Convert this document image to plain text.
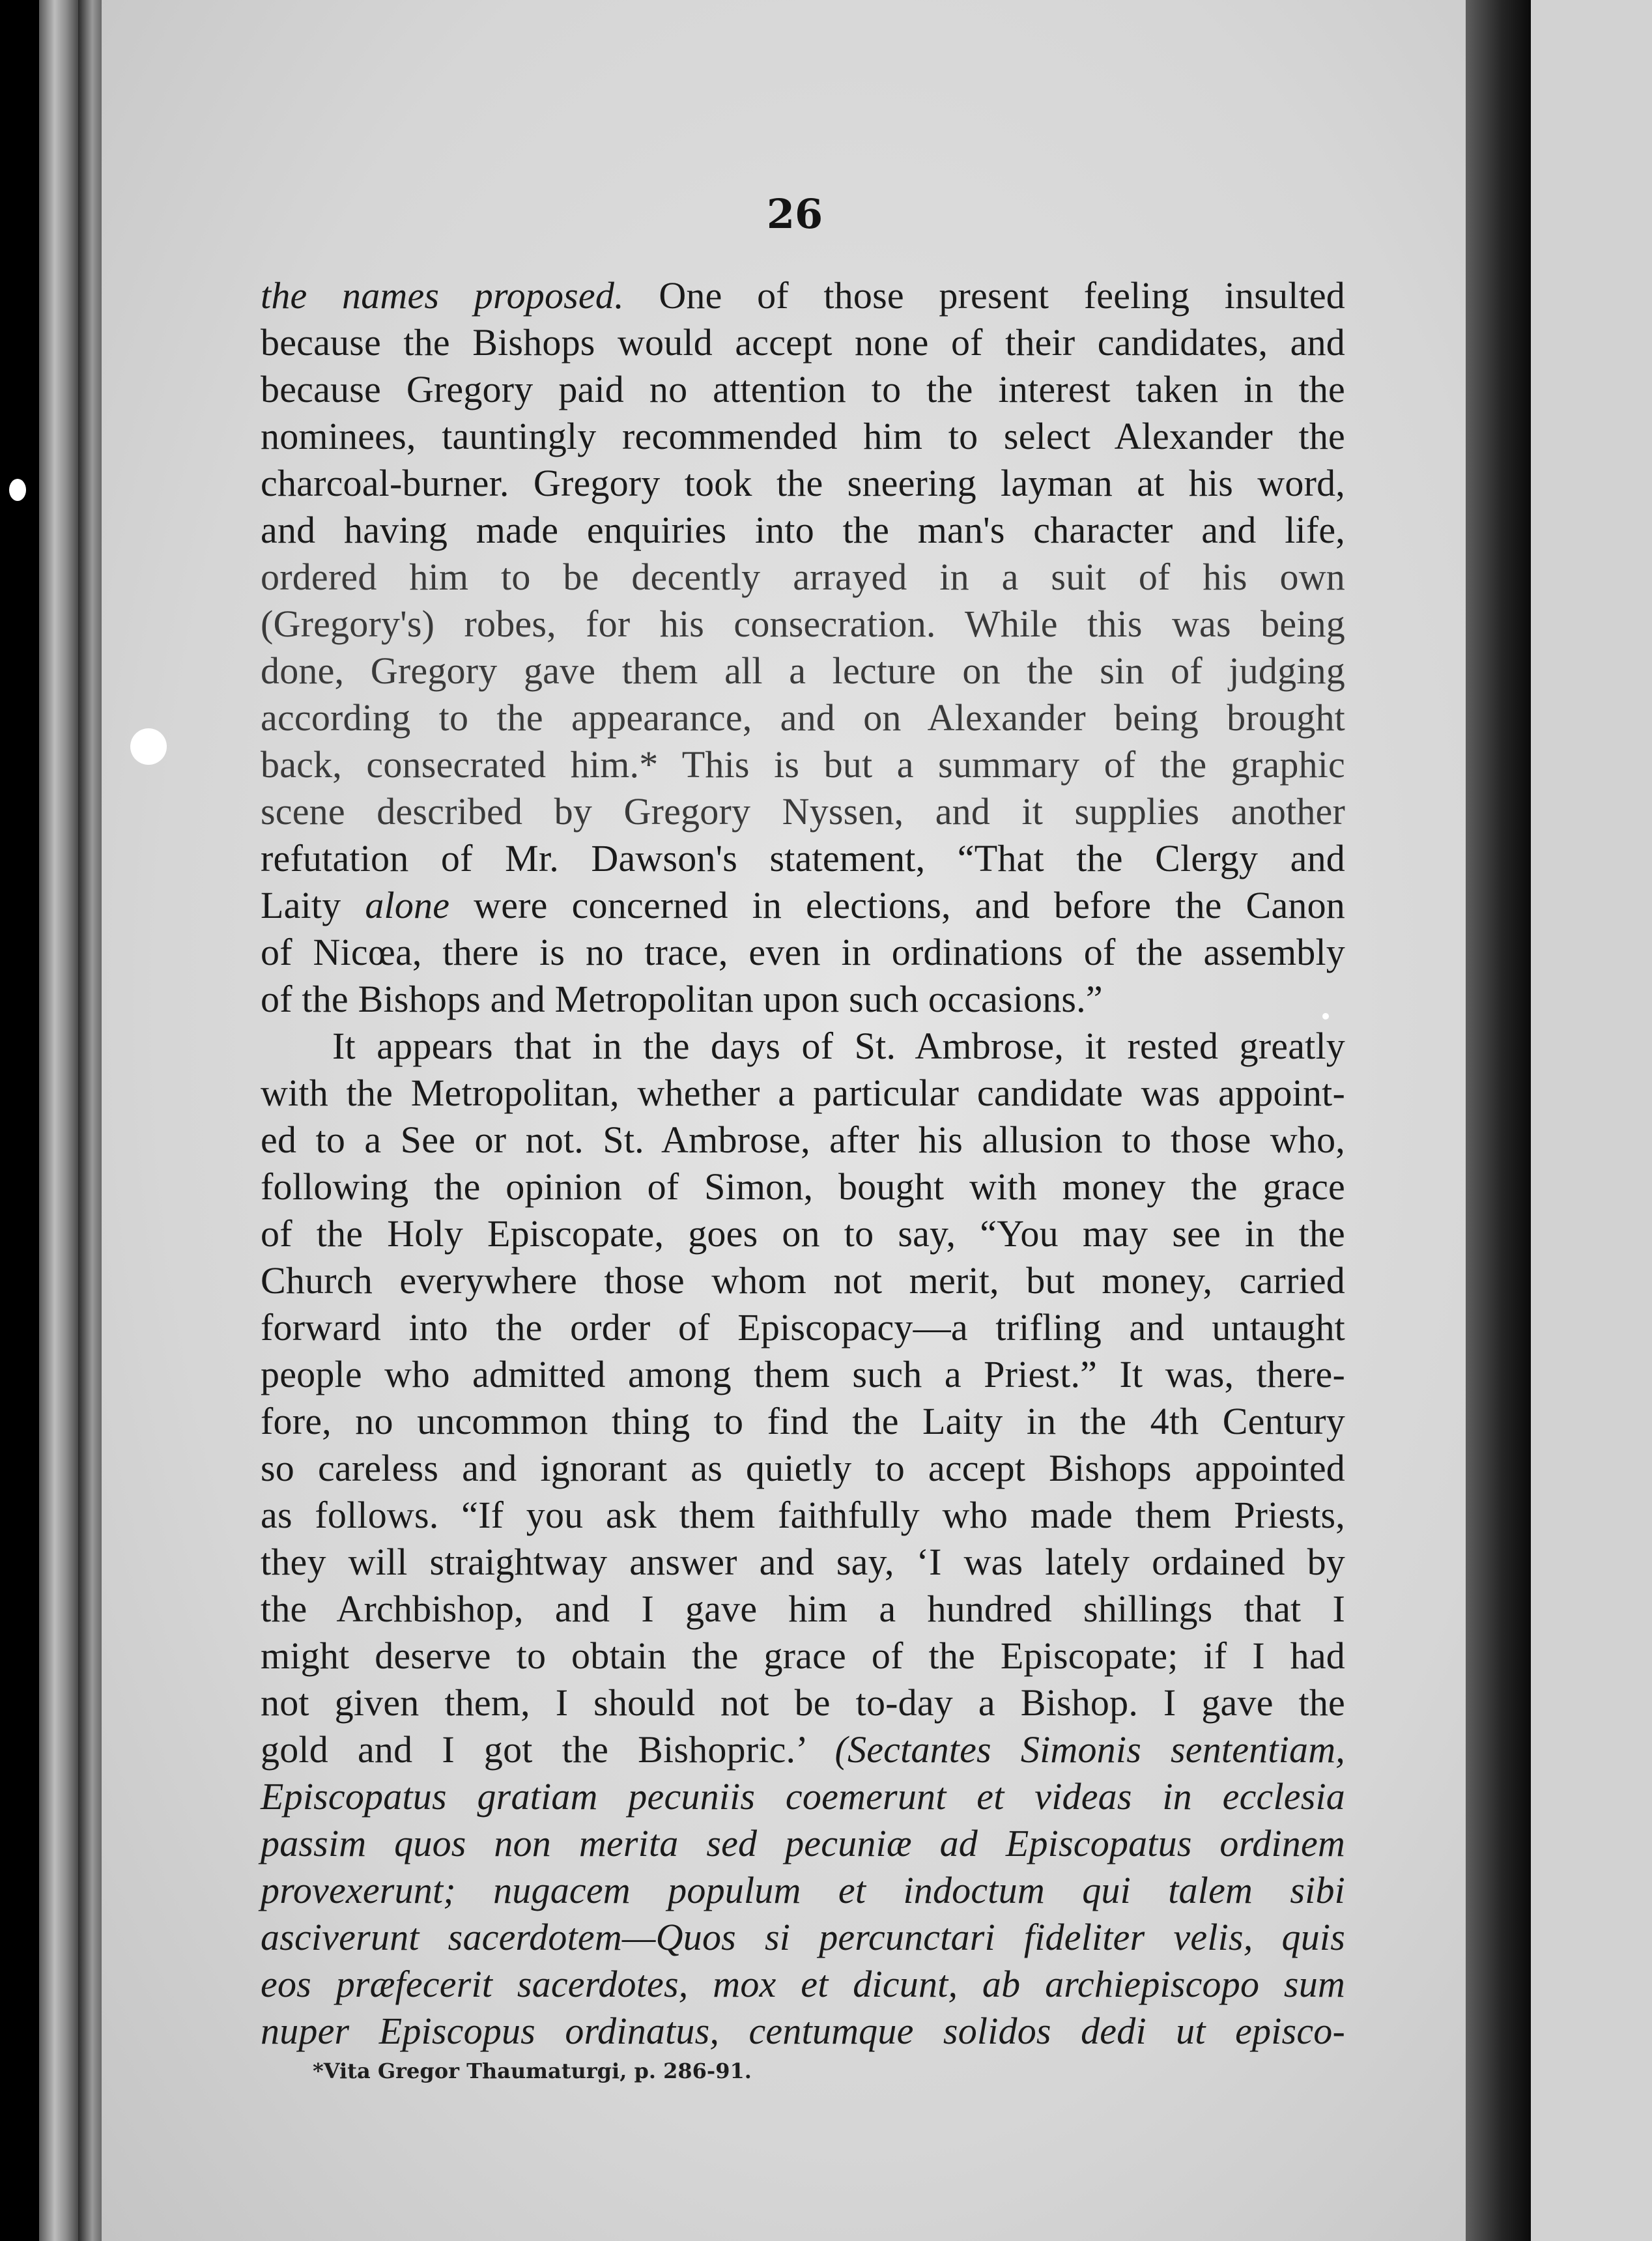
26
the names proposed. One of those present feeling insulted
because the Bishops would accept none of their candidates, and
because Gregory paid no attention to the interest taken in the
nominees, tauntingly recommended him to select Alexander the
charcoal-burner. Gregory took the sneering layman at his word,
and having made enquiries into the man's character and life,
ordered him to be decently arrayed in a suit of his own
(Gregory's) robes, for his consecration. While this was being
done, Gregory gave them all a lecture on the sin of judging
according to the appearance, and on Alexander being brought
back, consecrated him.* This is but a summary of the graphic
scene described by Gregory Nyssen, and it supplies another
refutation of Mr. Dawson's statement, “That the Clergy and
Laity alone were concerned in elections, and before the Canon
of Nicœa, there is no trace, even in ordinations of the assembly
of the Bishops and Metropolitan upon such occasions.”
It appears that in the days of St. Ambrose, it rested greatly
with the Metropolitan, whether a particular candidate was appoint-
ed to a See or not. St. Ambrose, after his allusion to those who,
following the opinion of Simon, bought with money the grace
of the Holy Episcopate, goes on to say, “You may see in the
Church everywhere those whom not merit, but money, carried
forward into the order of Episcopacy—a trifling and untaught
people who admitted among them such a Priest.” It was, there-
fore, no uncommon thing to find the Laity in the 4th Century
so careless and ignorant as quietly to accept Bishops appointed
as follows. “If you ask them faithfully who made them Priests,
they will straightway answer and say, ‘I was lately ordained by
the Archbishop, and I gave him a hundred shillings that I
might deserve to obtain the grace of the Episcopate; if I had
not given them, I should not be to-day a Bishop. I gave the
gold and I got the Bishopric.’ (Sectantes Simonis sententiam,
Episcopatus gratiam pecuniis coemerunt et videas in ecclesia
passim quos non merita sed pecuniæ ad Episcopatus ordinem
provexerunt; nugacem populum et indoctum qui talem sibi
asciverunt sacerdotem—Quos si percunctari fideliter velis, quis
eos præfecerit sacerdotes, mox et dicunt, ab archiepiscopo sum
nuper Episcopus ordinatus, centumque solidos dedi ut episco-

*Vita Gregor Thaumaturgi, p. 286-91.
